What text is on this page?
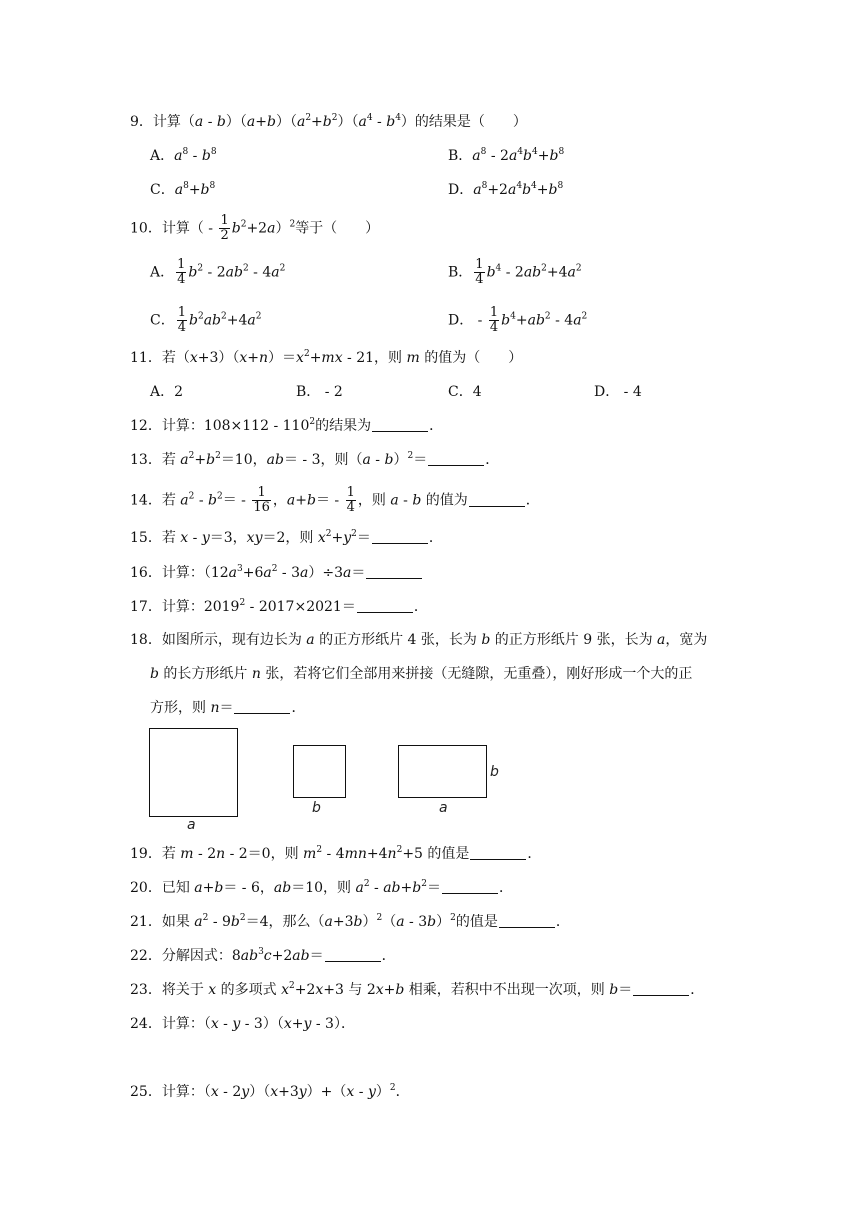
9．计算$(a - b)(a+b)(a^2+b^2)(a^4 - b^4)$的结果是（　　）
A．$a^8 - b^8$	B．$a^8 - 2a^4b^4+b^8$
C．$a^8+b^8$	D．$a^8+2a^4b^4+b^8$
10．计算（ - $\frac{1}{2} b^2+2a)^2$等于（　　）
A． $\frac{1}{4} b^2 - 2ab^2 - 4a^2$	B． $\frac{1}{4} b^4 - 2ab^2+4a^2$
C． $\frac{1}{4} b^2ab^2+4a^2$	D． - $\frac{1}{4} b^4+ab^2 - 4a^2$
11．若$(x+3)(x+n)=x^2+mx - 21$，则 m 的值为（　　）
A．2	B． - 2	C．4	D． - 4
12．计算：$108\times 112 - 110^2$的结果为	．
13．若 $a^2+b^2=10$，ab＝ - 3，则（a - b）$^2$＝	．
14．若 $a^2 - b^2= - \frac{1}{16}$ ，$a+b= - \frac{1}{4}$ ，则 a - b 的值为	．
15．若 x - y＝3，xy＝2，则 $x^2+y^2=$	．
16．计算：$(12a^3+6a^2 - 3a)\div 3a=$
17．计算：2019$^2$ - 2017×2021＝	．
18．如图所示，现有边长为 a 的正方形纸片 4 张，长为 b 的正方形纸片 9 张，长为 a，宽为
b 的长方形纸片 n 张，若将它们全部用来拼接（无缝隙，无重叠），刚好形成一个大的正
方形，则 n＝	．
a
b
b
a
19．若 m - 2n - 2＝0，则 $m^2 - 4mn+4n^2+5$ 的值是	．
20．已知 a+b＝ - 6，ab＝10，则 $a^2 - ab+b^2=$	．
21．如果 $a^2 - 9b^2=4$，那么$(a+3b)^2(a - 3b)^2$的值是	．
22．分解因式：$8ab^3c+2ab=$	．
23．将关于 x 的多项式 $x^2+2x+3$ 与 2x+b 相乘，若积中不出现一次项，则 b＝	．
24．计算：（x - y - 3）（x+y - 3）．
25．计算：（x - 2y）（x+3y）+（x - y）$^2$．
